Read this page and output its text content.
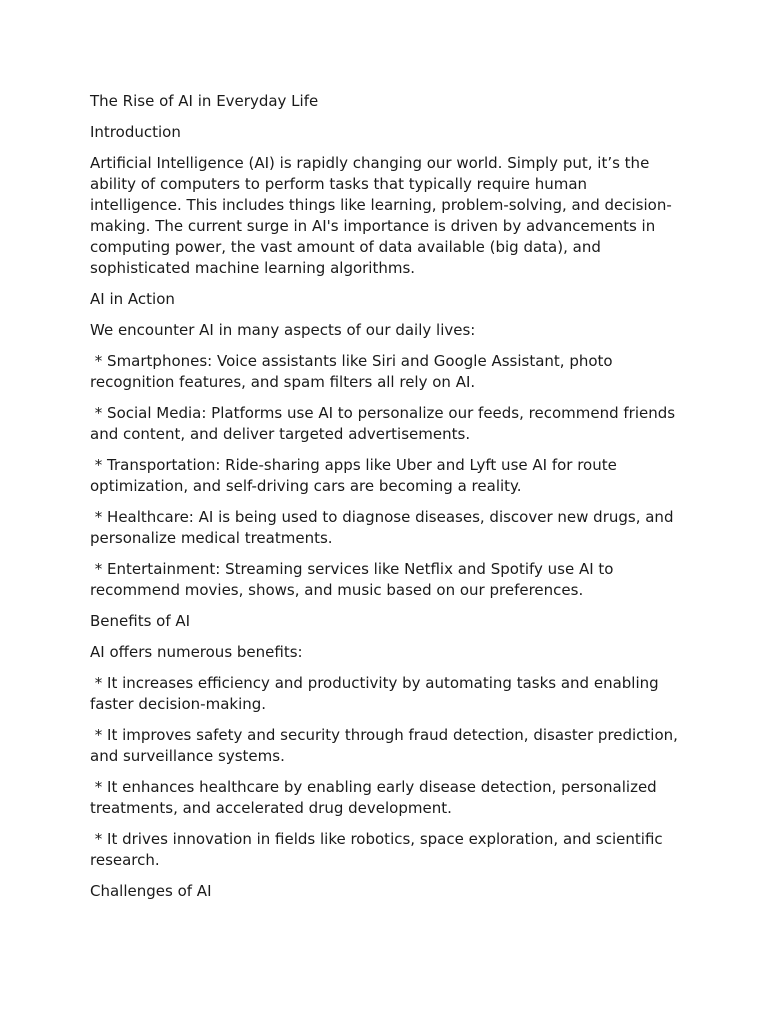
The Rise of AI in Everyday Life

Introduction

Artificial Intelligence (AI) is rapidly changing our world. Simply put, it’s the ability of computers to perform tasks that typically require human intelligence. This includes things like learning, problem-solving, and decision-making. The current surge in AI's importance is driven by advancements in computing power, the vast amount of data available (big data), and sophisticated machine learning algorithms.

AI in Action

We encounter AI in many aspects of our daily lives:

* Smartphones: Voice assistants like Siri and Google Assistant, photo recognition features, and spam filters all rely on AI.

* Social Media: Platforms use AI to personalize our feeds, recommend friends and content, and deliver targeted advertisements.

* Transportation: Ride-sharing apps like Uber and Lyft use AI for route optimization, and self-driving cars are becoming a reality.

* Healthcare: AI is being used to diagnose diseases, discover new drugs, and personalize medical treatments.

* Entertainment: Streaming services like Netflix and Spotify use AI to recommend movies, shows, and music based on our preferences.

Benefits of AI

AI offers numerous benefits:

* It increases efficiency and productivity by automating tasks and enabling faster decision-making.

* It improves safety and security through fraud detection, disaster prediction, and surveillance systems.

* It enhances healthcare by enabling early disease detection, personalized treatments, and accelerated drug development.

* It drives innovation in fields like robotics, space exploration, and scientific research.

Challenges of AI
